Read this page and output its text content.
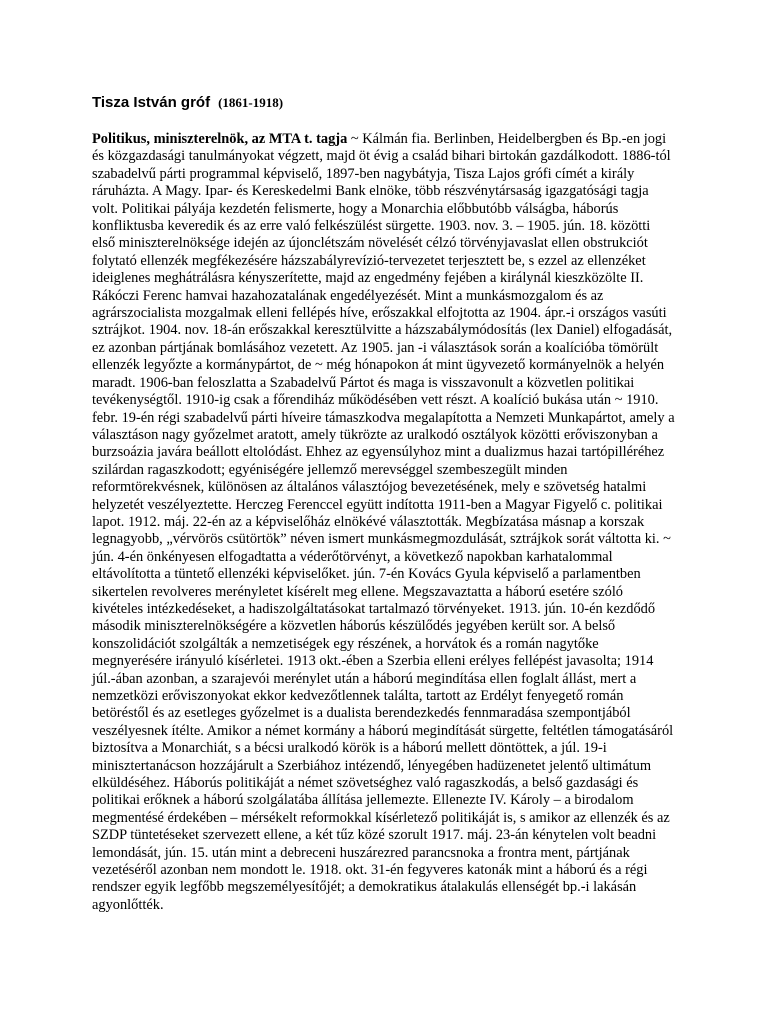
Tisza István gróf (1861-1918)

Politikus, miniszterelnök, az MTA t. tagja ~ Kálmán fia. Berlinben, Heidelbergben és Bp.-en jogi és közgazdasági tanulmányokat végzett, majd öt évig a család bihari birtokán gazdálkodott. 1886-tól szabadelvű párti programmal képviselő, 1897-ben nagybátyja, Tisza Lajos grófi címét a király ráruházta. A Magy. Ipar- és Kereskedelmi Bank elnöke, több részvénytársaság igazgatósági tagja volt. Politikai pályája kezdetén felismerte, hogy a Monarchia előbbutóbb válságba, háborús konfliktusba keveredik és az erre való felkészülést sürgette. 1903. nov. 3. – 1905. jún. 18. közötti első miniszterelnöksége idején az újonclétszám növelését célzó törvényjavaslat ellen obstrukciót folytató ellenzék megfékezésére házszabályrevízió-tervezetet terjesztett be, s ezzel az ellenzéket ideiglenes meghátrálásra kényszerítette, majd az engedmény fejében a királynál kieszközölte II. Rákóczi Ferenc hamvai hazahozatalának engedélyezését. Mint a munkásmozgalom és az agrárszocialista mozgalmak elleni fellépés híve, erőszakkal elfojtotta az 1904. ápr.-i országos vasúti sztrájkot. 1904. nov. 18-án erőszakkal keresztülvitte a házszabálymódosítás (lex Daniel) elfogadását, ez azonban pártjának bomlásához vezetett. Az 1905. jan -i választások során a koalícióba tömörült ellenzék legyőzte a kormánypártot, de ~ még hónapokon át mint ügyvezető kormányelnök a helyén maradt. 1906-ban feloszlatta a Szabadelvű Pártot és maga is visszavonult a közvetlen politikai tevékenységtől. 1910-ig csak a főrendiház működésében vett részt. A koalíció bukása után ~ 1910. febr. 19-én régi szabadelvű párti híveire támaszkodva megalapította a Nemzeti Munkapártot, amely a választáson nagy győzelmet aratott, amely tükrözte az uralkodó osztályok közötti erőviszonyban a burzsoázia javára beállott eltolódást. Ehhez az egyensúlyhoz mint a dualizmus hazai tartópilléréhez szilárdan ragaszkodott; egyéniségére jellemző merevséggel szembeszegült minden reformtörekvésnek, különösen az általános választójog bevezetésének, mely e szövetség hatalmi helyzetét veszélyeztette. Herczeg Ferenccel együtt indította 1911-ben a Magyar Figyelő c. politikai lapot. 1912. máj. 22-én az a képviselőház elnökévé választották. Megbízatása másnap a korszak legnagyobb, „vérvörös csütörtök” néven ismert munkásmegmozdulását, sztrájkok sorát váltotta ki. ~ jún. 4-én önkényesen elfogadtatta a véderőtörvényt, a következő napokban karhatalommal eltávolította a tüntető ellenzéki képviselőket. jún. 7-én Kovács Gyula képviselő a parlamentben sikertelen revolveres merényletet kísérelt meg ellene. Megszavaztatta a háború esetére szóló kivételes intézkedéseket, a hadiszolgáltatásokat tartalmazó törvényeket. 1913. jún. 10-én kezdődő második miniszterelnökségére a közvetlen háborús készülődés jegyében került sor. A belső konszolidációt szolgálták a nemzetiségek egy részének, a horvátok és a román nagytőke megnyerésére irányuló kísérletei. 1913 okt.-ében a Szerbia elleni erélyes fellépést javasolta; 1914 júl.-ában azonban, a szarajevói merénylet után a háború megindítása ellen foglalt állást, mert a nemzetközi erőviszonyokat ekkor kedvezőtlennek találta, tartott az Erdélyt fenyegető román betöréstől és az esetleges győzelmet is a dualista berendezkedés fennmaradása szempontjából veszélyesnek ítélte. Amikor a német kormány a háború megindítását sürgette, feltétlen támogatásáról biztosítva a Monarchiát, s a bécsi uralkodó körök is a háború mellett döntöttek, a júl. 19-i minisztertanácson hozzájárult a Szerbiához intézendő, lényegében hadüzenetet jelentő ultimátum elküldéséhez. Háborús politikáját a német szövetséghez való ragaszkodás, a belső gazdasági és politikai erőknek a háború szolgálatába állítása jellemezte. Ellenezte IV. Károly – a birodalom megmentésé érdekében – mérsékelt reformokkal kísérletező politikáját is, s amikor az ellenzék és az SZDP tüntetéseket szervezett ellene, a két tűz közé szorult 1917. máj. 23-án kénytelen volt beadni lemondását, jún. 15. után mint a debreceni huszárezred parancsnoka a frontra ment, pártjának vezetéséről azonban nem mondott le. 1918. okt. 31-én fegyveres katonák mint a háború és a régi rendszer egyik legfőbb megszemélyesítőjét; a demokratikus átalakulás ellenségét bp.-i lakásán agyonlőtték.
